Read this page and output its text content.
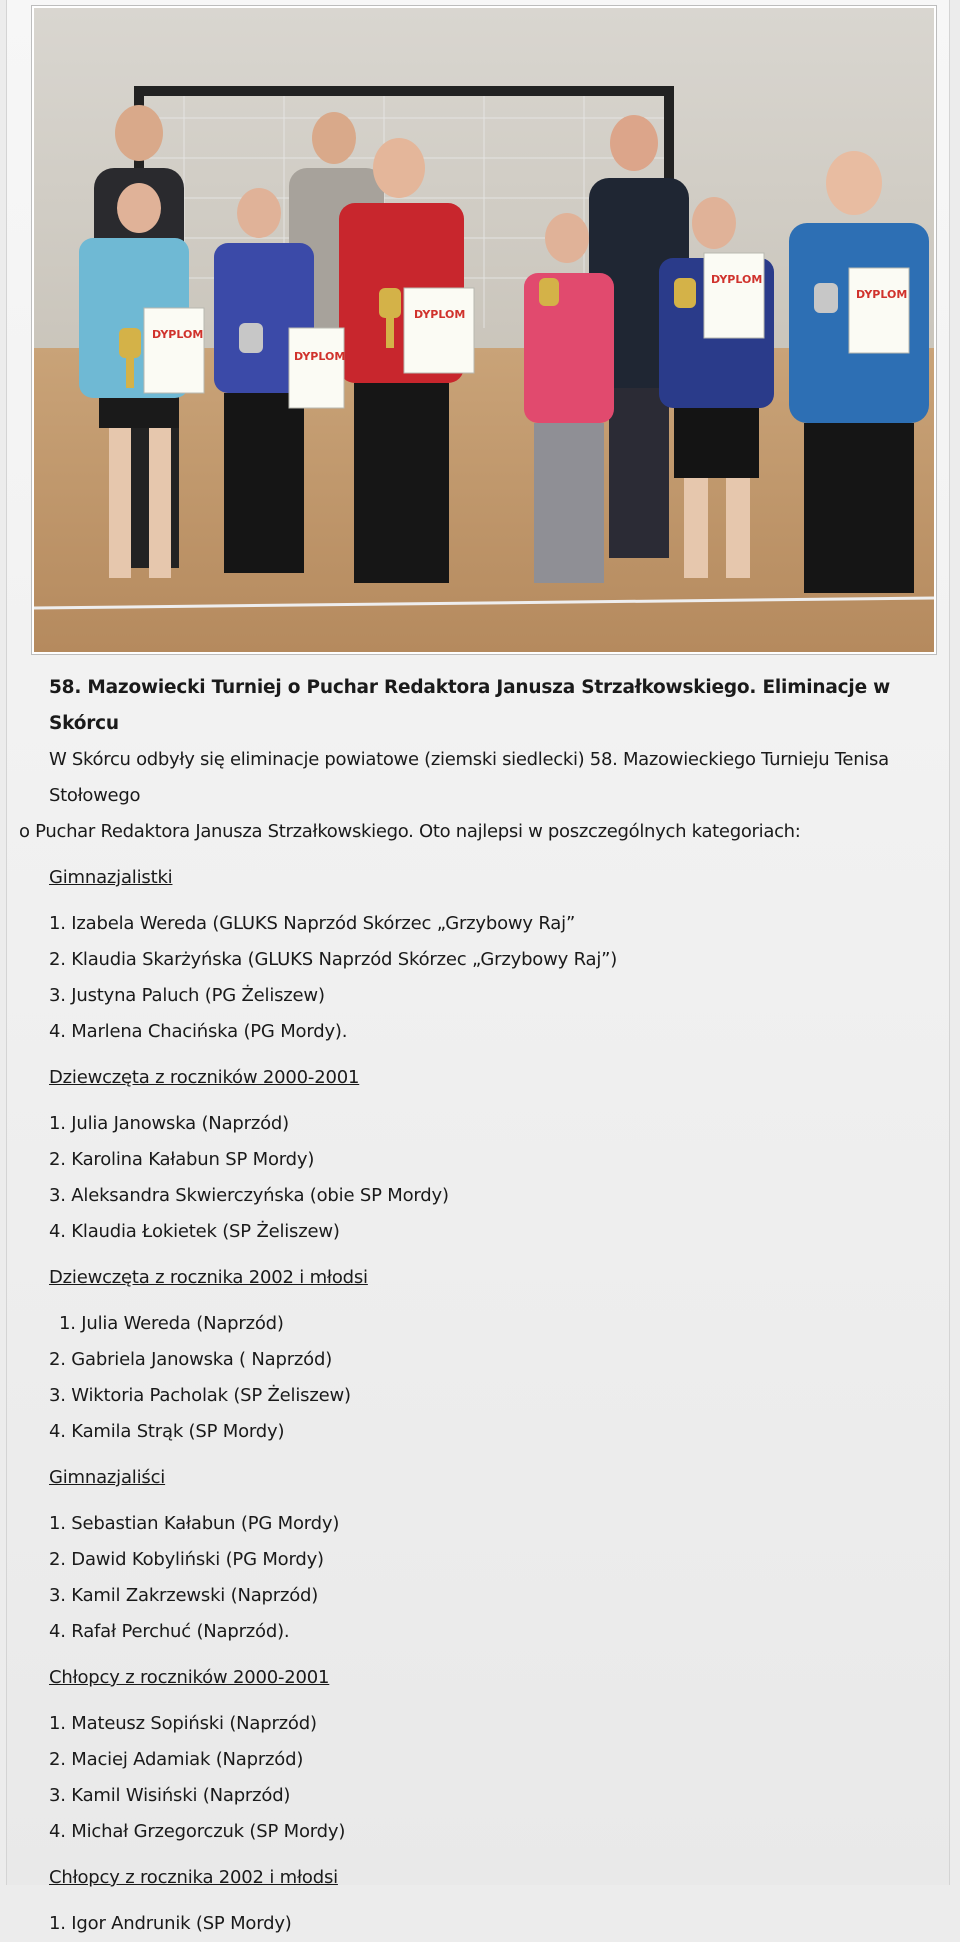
DYPLOM
DYPLOM
DYPLOM
DYPLOM
DYPLOM

58. Mazowiecki Turniej o Puchar Redaktora Janusza Strzałkowskiego. Eliminacje w Skórcu

W Skórcu odbyły się eliminacje powiatowe (ziemski siedlecki) 58. Mazowieckiego Turnieju Tenisa Stołowego
o Puchar Redaktora Janusza Strzałkowskiego. Oto najlepsi w poszczególnych kategoriach:

Gimnazjalistki
1. Izabela Wereda (GLUKS Naprzód Skórzec „Grzybowy Raj”
2. Klaudia Skarżyńska (GLUKS Naprzód Skórzec „Grzybowy Raj”)
3. Justyna Paluch (PG Żeliszew)
4. Marlena Chacińska (PG Mordy).
Dziewczęta z roczników 2000-2001
1. Julia Janowska (Naprzód)
2. Karolina Kałabun SP Mordy)
3. Aleksandra Skwierczyńska (obie SP Mordy)
4. Klaudia Łokietek (SP Żeliszew)
Dziewczęta z rocznika 2002 i młodsi
1. Julia Wereda (Naprzód)
2. Gabriela Janowska ( Naprzód)
3. Wiktoria Pacholak (SP Żeliszew)
4. Kamila Strąk (SP Mordy)
Gimnazjaliści
1. Sebastian Kałabun (PG Mordy)
2. Dawid Kobyliński (PG Mordy)
3. Kamil Zakrzewski (Naprzód)
4. Rafał Perchuć (Naprzód).
Chłopcy z roczników 2000-2001
1. Mateusz Sopiński (Naprzód)
2. Maciej Adamiak (Naprzód)
3. Kamil Wisiński (Naprzód)
4. Michał Grzegorczuk (SP Mordy)
Chłopcy z rocznika 2002 i młodsi
1. Igor Andrunik (SP Mordy)
